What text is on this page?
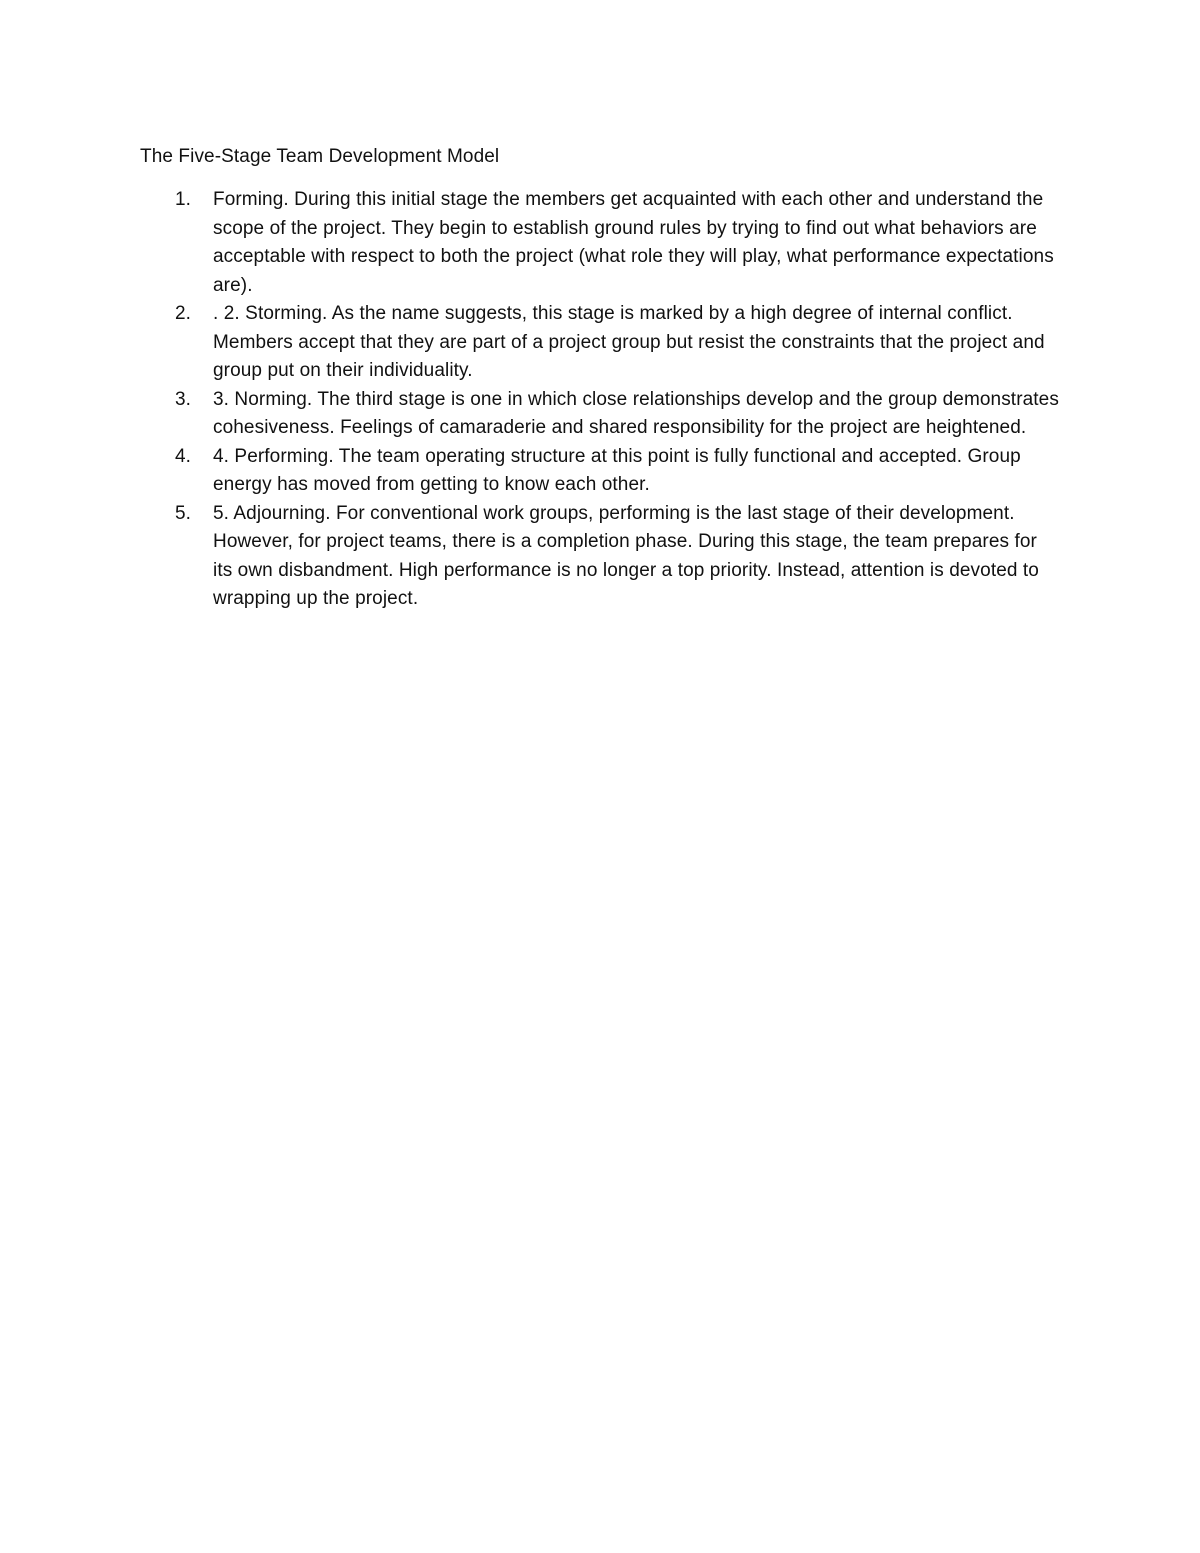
The Five-Stage Team Development Model
1. Forming. During this initial stage the members get acquainted with each other and understand the scope of the project. They begin to establish ground rules by trying to find out what behaviors are acceptable with respect to both the project (what role they will play, what performance expectations are).
2. . 2. Storming. As the name suggests, this stage is marked by a high degree of internal conflict. Members accept that they are part of a project group but resist the constraints that the project and group put on their individuality.
3. 3. Norming. The third stage is one in which close relationships develop and the group demonstrates cohesiveness. Feelings of camaraderie and shared responsibility for the project are heightened.
4. 4. Performing. The team operating structure at this point is fully functional and accepted. Group energy has moved from getting to know each other.
5. 5. Adjourning. For conventional work groups, performing is the last stage of their development. However, for project teams, there is a completion phase. During this stage, the team prepares for its own disbandment. High performance is no longer a top priority. Instead, attention is devoted to wrapping up the project.
